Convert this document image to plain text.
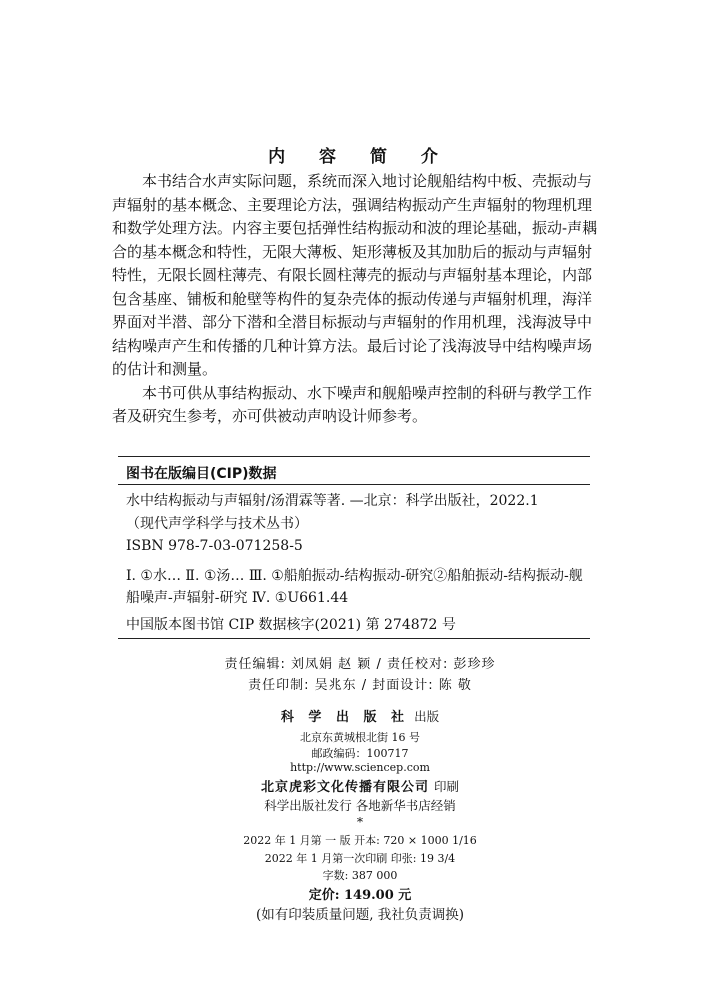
内 容 简 介

本书结合水声实际问题，系统而深入地讨论舰船结构中板、壳振动与
声辐射的基本概念、主要理论方法，强调结构振动产生声辐射的物理机理
和数学处理方法。内容主要包括弹性结构振动和波的理论基础，振动-声耦
合的基本概念和特性，无限大薄板、矩形薄板及其加肋后的振动与声辐射
特性，无限长圆柱薄壳、有限长圆柱薄壳的振动与声辐射基本理论，内部
包含基座、铺板和舱壁等构件的复杂壳体的振动传递与声辐射机理，海洋
界面对半潜、部分下潜和全潜目标振动与声辐射的作用机理，浅海波导中
结构噪声产生和传播的几种计算方法。最后讨论了浅海波导中结构噪声场
的估计和测量。

本书可供从事结构振动、水下噪声和舰船噪声控制的科研与教学工作
者及研究生参考，亦可供被动声呐设计师参考。

图书在版编目(CIP)数据
水中结构振动与声辐射/汤渭霖等著. —北京：科学出版社，2022.1
（现代声学科学与技术丛书）
ISBN 978-7-03-071258-5
Ⅰ. ①水… Ⅱ. ①汤… Ⅲ. ①船舶振动-结构振动-研究②船舶振动-结构振动-舰船噪声-声辐射-研究 Ⅳ. ①U661.44
中国版本图书馆 CIP 数据核字(2021) 第 274872 号
责任编辑: 刘凤娟 赵 颖 / 责任校对: 彭珍珍
责任印制: 吴兆东 / 封面设计: 陈 敬
科 学 出 版 社 出版
北京东黄城根北街 16 号
邮政编码：100717
http://www.sciencep.com
北京虎彩文化传播有限公司 印刷
科学出版社发行 各地新华书店经销
*
2022 年 1 月第 一 版 开本: 720 × 1000 1/16
2022 年 1 月第一次印刷 印张: 19 3/4
字数: 387 000
定价: 149.00 元
(如有印装质量问题, 我社负责调换)
